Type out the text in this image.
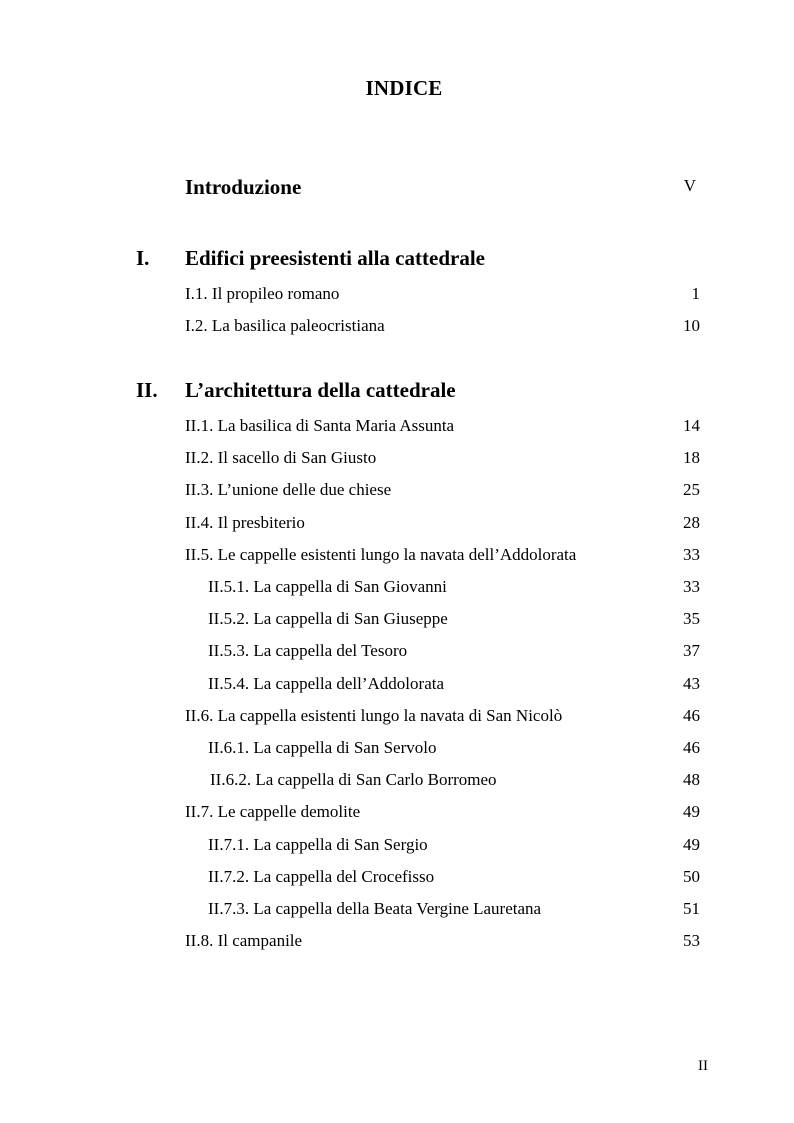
INDICE
Introduzione	V
I. Edifici preesistenti alla cattedrale
I.1. Il propileo romano	1
I.2. La basilica paleocristiana	10
II. L’architettura della cattedrale
II.1. La basilica di Santa Maria Assunta	14
II.2. Il sacello di San Giusto	18
II.3. L’unione delle due chiese	25
II.4. Il presbiterio	28
II.5. Le cappelle esistenti lungo la navata dell’Addolorata	33
II.5.1. La cappella di San Giovanni	33
II.5.2. La cappella di San Giuseppe	35
II.5.3. La cappella del Tesoro	37
II.5.4. La cappella dell’Addolorata	43
II.6. La cappella esistenti lungo la navata di San Nicolò	46
II.6.1. La cappella di San Servolo	46
II.6.2. La cappella di San Carlo Borromeo	48
II.7. Le cappelle demolite	49
II.7.1. La cappella di San Sergio	49
II.7.2. La cappella del Crocefisso	50
II.7.3. La cappella della Beata Vergine Lauretana	51
II.8. Il campanile	53
II
